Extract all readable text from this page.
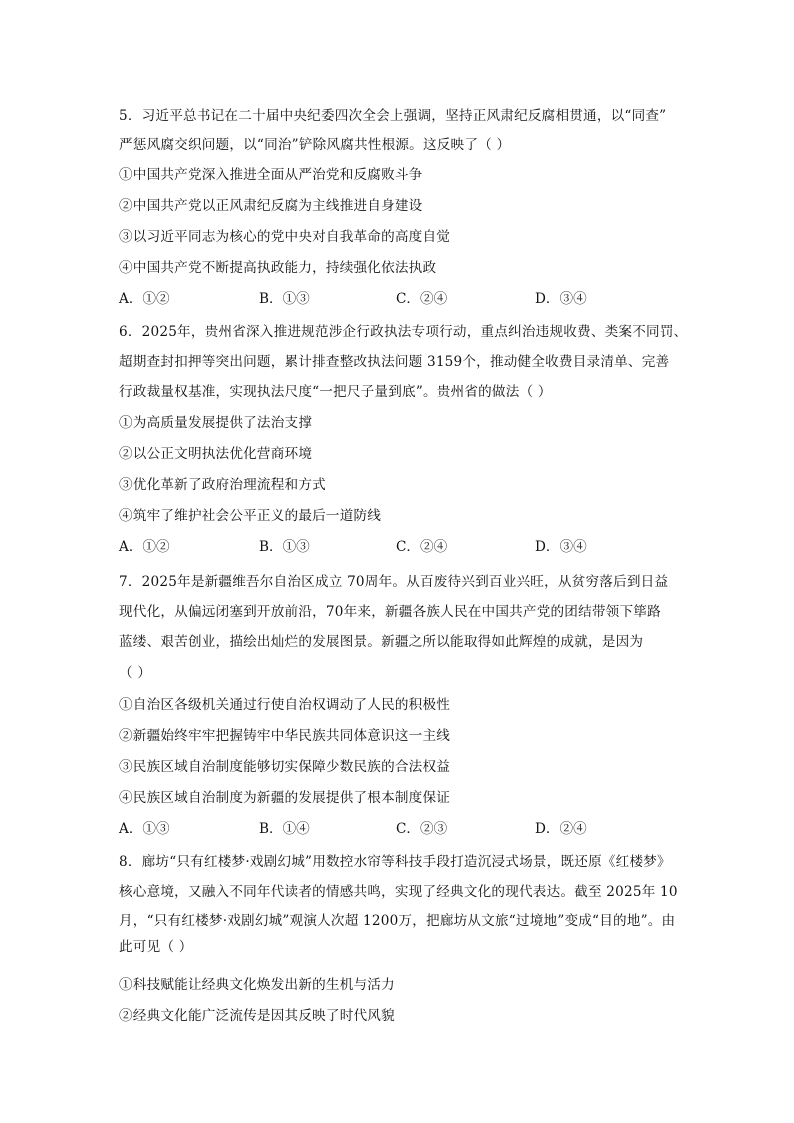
5．习近平总书记在二十届中央纪委四次全会上强调，坚持正风肃纪反腐相贯通，以“同查”
严惩风腐交织问题，以“同治”铲除风腐共性根源。这反映了（ ）
①中国共产党深入推进全面从严治党和反腐败斗争
②中国共产党以正风肃纪反腐为主线推进自身建设
③以习近平同志为核心的党中央对自我革命的高度自觉
④中国共产党不断提高执政能力，持续强化依法执政
A．①②	B．①③	C．②④	D．③④
6．2025年，贵州省深入推进规范涉企行政执法专项行动，重点纠治违规收费、类案不同罚、
超期查封扣押等突出问题，累计排查整改执法问题 3159个，推动健全收费目录清单、完善
行政裁量权基准，实现执法尺度“一把尺子量到底”。贵州省的做法（ ）
①为高质量发展提供了法治支撑
②以公正文明执法优化营商环境
③优化革新了政府治理流程和方式
④筑牢了维护社会公平正义的最后一道防线
A．①②	B．①③	C．②④	D．③④
7．2025年是新疆维吾尔自治区成立 70周年。从百废待兴到百业兴旺，从贫穷落后到日益
现代化，从偏远闭塞到开放前沿，70年来，新疆各族人民在中国共产党的团结带领下筚路
蓝缕、艰苦创业，描绘出灿烂的发展图景。新疆之所以能取得如此辉煌的成就，是因为
（ ）
①自治区各级机关通过行使自治权调动了人民的积极性
②新疆始终牢牢把握铸牢中华民族共同体意识这一主线
③民族区域自治制度能够切实保障少数民族的合法权益
④民族区域自治制度为新疆的发展提供了根本制度保证
A．①③	B．①④	C．②③	D．②④
8．廊坊“只有红楼梦·戏剧幻城”用数控水帘等科技手段打造沉浸式场景，既还原《红楼梦》
核心意境，又融入不同年代读者的情感共鸣，实现了经典文化的现代表达。截至 2025年 10
月，“只有红楼梦·戏剧幻城”观演人次超 1200万，把廊坊从文旅“过境地”变成“目的地”。由
此可见（ ）
①科技赋能让经典文化焕发出新的生机与活力
②经典文化能广泛流传是因其反映了时代风貌
